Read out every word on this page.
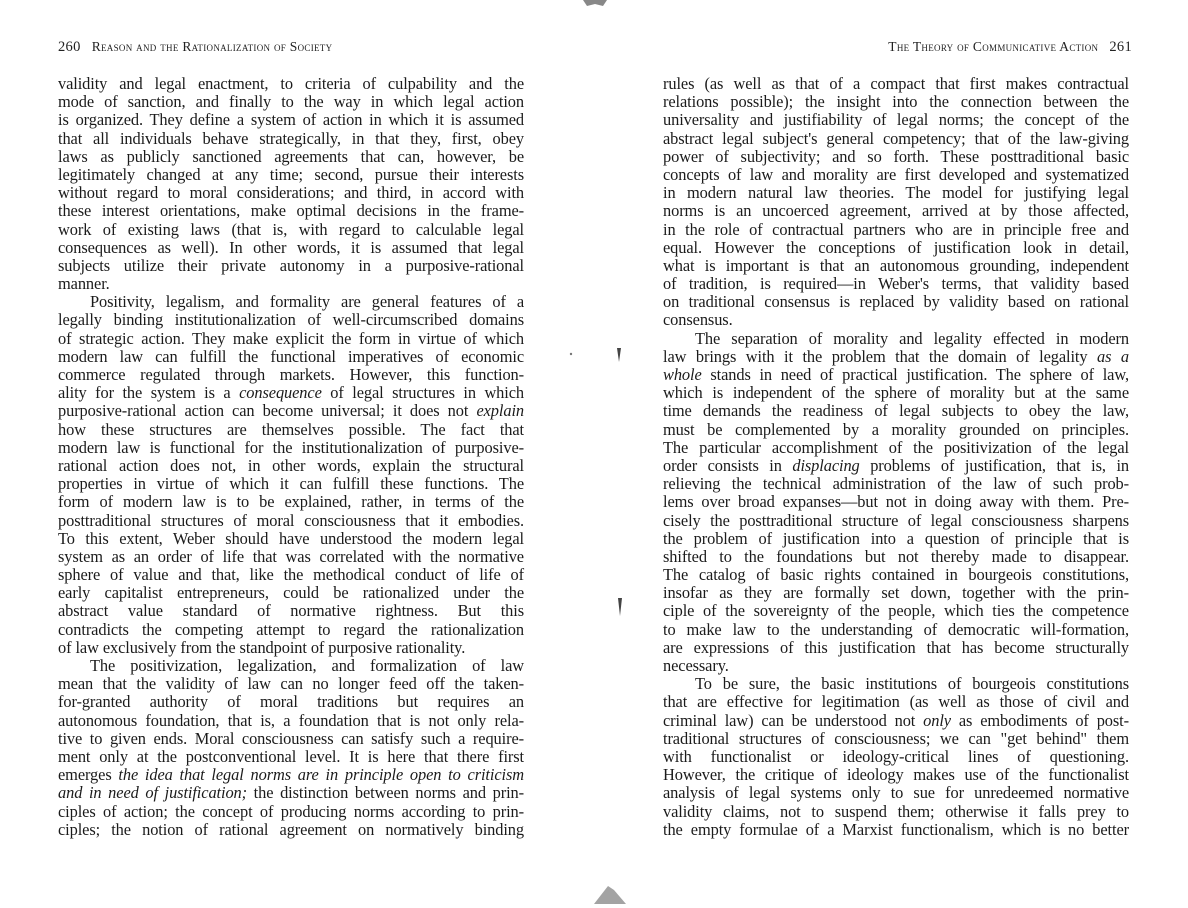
260 Reason and the Rationalization of Society	The Theory of Communicative Action 261
validity and legal enactment, to criteria of culpability and the
mode of sanction, and finally to the way in which legal action
is organized. They define a system of action in which it is assumed
that all individuals behave strategically, in that they, first, obey
laws as publicly sanctioned agreements that can, however, be
legitimately changed at any time; second, pursue their interests
without regard to moral considerations; and third, in accord with
these interest orientations, make optimal decisions in the frame-
work of existing laws (that is, with regard to calculable legal
consequences as well). In other words, it is assumed that legal
subjects utilize their private autonomy in a purposive-rational
manner.
Positivity, legalism, and formality are general features of a
legally binding institutionalization of well-circumscribed domains
of strategic action. They make explicit the form in virtue of which
modern law can fulfill the functional imperatives of economic
commerce regulated through markets. However, this function-
ality for the system is a consequence of legal structures in which
purposive-rational action can become universal; it does not explain
how these structures are themselves possible. The fact that
modern law is functional for the institutionalization of purposive-
rational action does not, in other words, explain the structural
properties in virtue of which it can fulfill these functions. The
form of modern law is to be explained, rather, in terms of the
posttraditional structures of moral consciousness that it embodies.
To this extent, Weber should have understood the modern legal
system as an order of life that was correlated with the normative
sphere of value and that, like the methodical conduct of life of
early capitalist entrepreneurs, could be rationalized under the
abstract value standard of normative rightness. But this
contradicts the competing attempt to regard the rationalization
of law exclusively from the standpoint of purposive rationality.
The positivization, legalization, and formalization of law
mean that the validity of law can no longer feed off the taken-
for-granted authority of moral traditions but requires an
autonomous foundation, that is, a foundation that is not only rela-
tive to given ends. Moral consciousness can satisfy such a require-
ment only at the postconventional level. It is here that there first
emerges the idea that legal norms are in principle open to criticism
and in need of justification; the distinction between norms and prin-
ciples of action; the concept of producing norms according to prin-
ciples; the notion of rational agreement on normatively binding
rules (as well as that of a compact that first makes contractual
relations possible); the insight into the connection between the
universality and justifiability of legal norms; the concept of the
abstract legal subject's general competency; that of the law-giving
power of subjectivity; and so forth. These posttraditional basic
concepts of law and morality are first developed and systematized
in modern natural law theories. The model for justifying legal
norms is an uncoerced agreement, arrived at by those affected,
in the role of contractual partners who are in principle free and
equal. However the conceptions of justification look in detail,
what is important is that an autonomous grounding, independent
of tradition, is required—in Weber's terms, that validity based
on traditional consensus is replaced by validity based on rational
consensus.
The separation of morality and legality effected in modern
law brings with it the problem that the domain of legality as a
whole stands in need of practical justification. The sphere of law,
which is independent of the sphere of morality but at the same
time demands the readiness of legal subjects to obey the law,
must be complemented by a morality grounded on principles.
The particular accomplishment of the positivization of the legal
order consists in displacing problems of justification, that is, in
relieving the technical administration of the law of such prob-
lems over broad expanses—but not in doing away with them. Pre-
cisely the posttraditional structure of legal consciousness sharpens
the problem of justification into a question of principle that is
shifted to the foundations but not thereby made to disappear.
The catalog of basic rights contained in bourgeois constitutions,
insofar as they are formally set down, together with the prin-
ciple of the sovereignty of the people, which ties the competence
to make law to the understanding of democratic will-formation,
are expressions of this justification that has become structurally
necessary.
To be sure, the basic institutions of bourgeois constitutions
that are effective for legitimation (as well as those of civil and
criminal law) can be understood not only as embodiments of post-
traditional structures of consciousness; we can "get behind" them
with functionalist or ideology-critical lines of questioning.
However, the critique of ideology makes use of the functionalist
analysis of legal systems only to sue for unredeemed normative
validity claims, not to suspend them; otherwise it falls prey to
the empty formulae of a Marxist functionalism, which is no better
